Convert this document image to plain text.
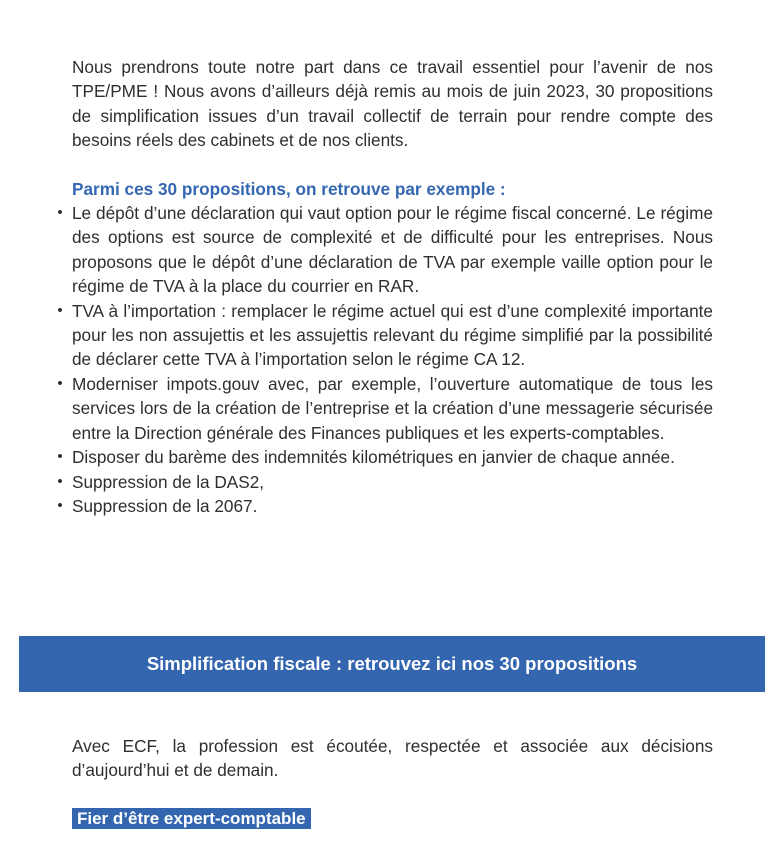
Nous prendrons toute notre part dans ce travail essentiel pour l’avenir de nos TPE/PME ! Nous avons d’ailleurs déjà remis au mois de juin 2023, 30 propositions de simplification issues d’un travail collectif de terrain pour rendre compte des besoins réels des cabinets et de nos clients.

Parmi ces 30 propositions, on retrouve par exemple :
• Le dépôt d’une déclaration qui vaut option pour le régime fiscal concerné. Le régime des options est source de complexité et de difficulté pour les entreprises. Nous proposons que le dépôt d’une déclaration de TVA par exemple vaille option pour le régime de TVA à la place du courrier en RAR.
• TVA à l’importation : remplacer le régime actuel qui est d’une complexité importante pour les non assujettis et les assujettis relevant du régime simplifié par la possibilité de déclarer cette TVA à l’importation selon le régime CA 12.
• Moderniser impots.gouv avec, par exemple, l’ouverture automatique de tous les services lors de la création de l’entreprise et la création d’une messagerie sécurisée entre la Direction générale des Finances publiques et les experts-comptables.
• Disposer du barème des indemnités kilométriques en janvier de chaque année.
• Suppression de la DAS2,
• Suppression de la 2067.
Simplification fiscale : retrouvez ici nos 30 propositions

Avec ECF, la profession est écoutée, respectée et associée aux décisions d’aujourd’hui et de demain.

Fier d’être expert-comptable
